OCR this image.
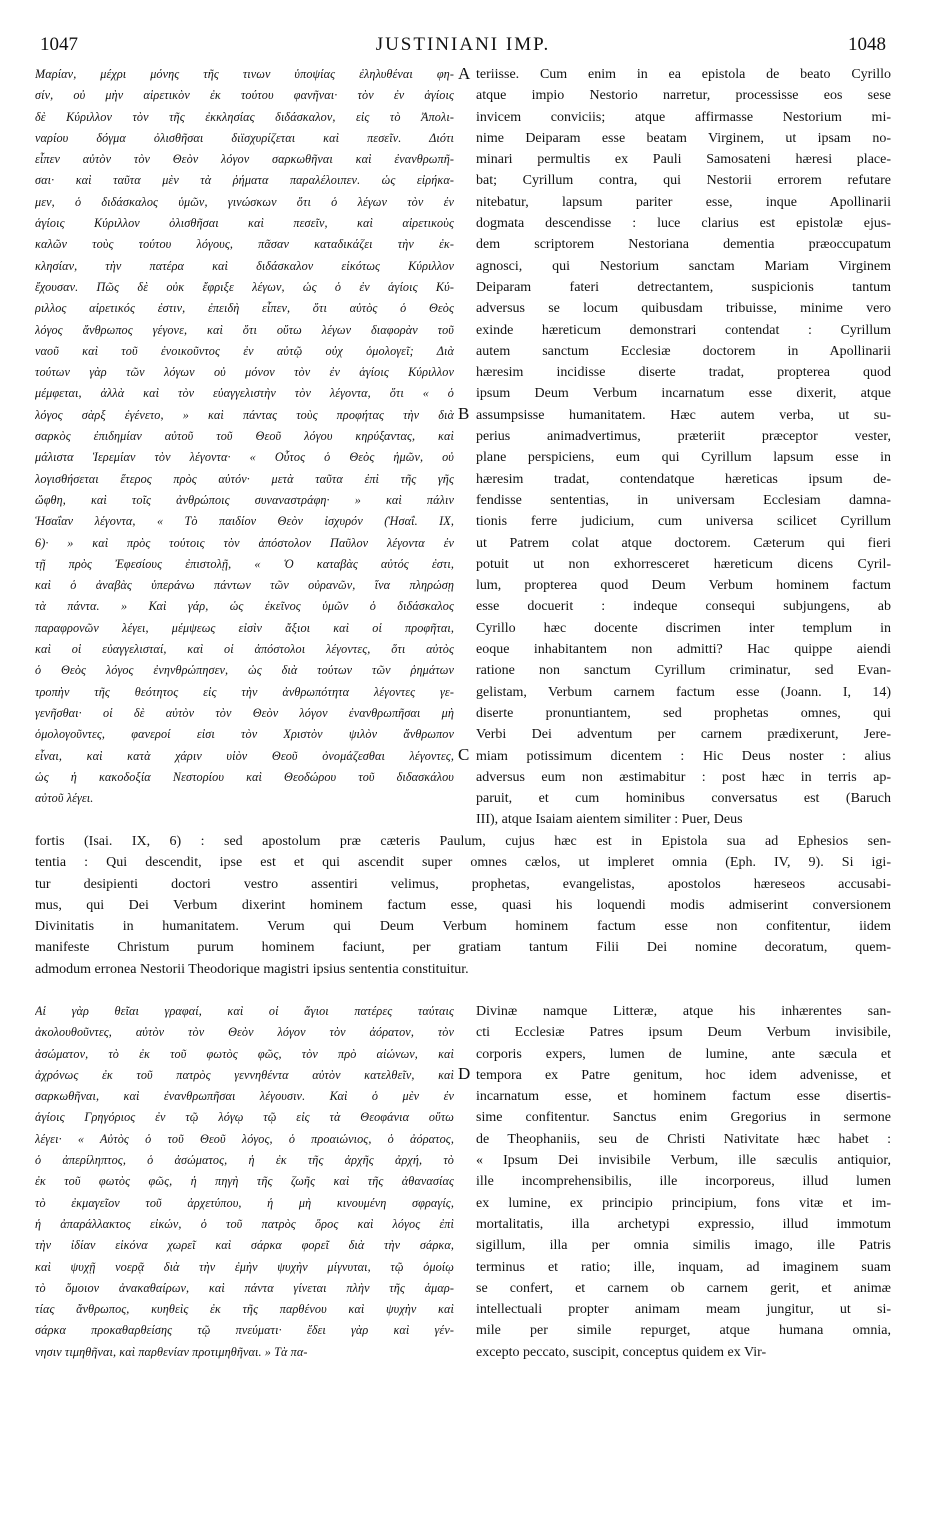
1047	JUSTINIANI IMP.	1048
Μαρίαν, μέχρι μόνης τῆς τινων ὑποψίας ἐληλυθέναι φη-
σίν, οὐ μὴν αἱρετικὸν ἐκ τούτου φανῆναι· τὸν ἐν ἁγίοις
δὲ Κύριλλον τὸν τῆς ἐκκλησίας διδάσκαλον, εἰς τὸ Ἀπολι-
ναρίου δόγμα ὀλισθῆσαι διϊσχυρίζεται καὶ πεσεῖν. Διότι
εἶπεν αὐτὸν τὸν Θεὸν λόγον σαρκωθῆναι καὶ ἐνανθρωπῆ-
σαι· καὶ ταῦτα μὲν τὰ ῥήματα παραλέλοιπεν. ὡς εἰρήκα-
μεν, ὁ διδάσκαλος ὑμῶν, γινώσκων ὅτι ὁ λέγων τὸν ἐν
ἁγίοις Κύριλλον ὀλισθῆσαι καὶ πεσεῖν, καὶ αἱρετικοὺς
καλῶν τοὺς τούτου λόγους, πᾶσαν καταδικάζει τὴν ἐκ-
κλησίαν, τὴν πατέρα καὶ διδάσκαλον εἰκότως Κύριλλον
ἔχουσαν. Πῶς δὲ οὐκ ἔφριξε λέγων, ὡς ὁ ἐν ἁγίοις Κύ-
ριλλος αἱρετικός ἐστιν, ἐπειδὴ εἶπεν, ὅτι αὐτὸς ὁ Θεὸς
λόγος ἄνθρωπος γέγονε, καὶ ὅτι οὕτω λέγων διαφορὰν τοῦ
ναοῦ καὶ τοῦ ἐνοικοῦντος ἐν αὐτῷ οὐχ ὁμολογεῖ; Διὰ
τούτων γὰρ τῶν λόγων οὐ μόνον τὸν ἐν ἁγίοις Κύριλλον
μέμφεται, ἀλλὰ καὶ τὸν εὐαγγελιστὴν τὸν λέγοντα, ὅτι « ὁ
λόγος σὰρξ ἐγένετο, » καὶ πάντας τοὺς προφήτας τὴν διὰ
σαρκὸς ἐπιδημίαν αὐτοῦ τοῦ Θεοῦ λόγου κηρύξαντας, καὶ
μάλιστα Ἱερεμίαν τὸν λέγοντα· « Οὗτος ὁ Θεὸς ἡμῶν, οὐ
λογισθήσεται ἕτερος πρὸς αὐτόν· μετὰ ταῦτα ἐπὶ τῆς γῆς
ὤφθη, καὶ τοῖς ἀνθρώποις συναναστράφη· » καὶ πάλιν
Ἡσαΐαν λέγοντα, « Τὸ παιδίον Θεὸν ἰσχυρόν (Ἡσαΐ. ΙΧ,
6)· » καὶ πρὸς τούτοις τὸν ἀπόστολον Παῦλον λέγοντα ἐν
τῇ πρὸς Ἐφεσίους ἐπιστολῇ, « Ὁ καταβὰς αὐτός ἐστι,
καὶ ὁ ἀναβὰς ὑπεράνω πάντων τῶν οὐρανῶν, ἵνα πληρώσῃ
τὰ πάντα. » Καὶ γάρ, ὡς ἐκεῖνος ὑμῶν ὁ διδάσκαλος
παραφρονῶν λέγει, μέμψεως εἰσὶν ἄξιοι καὶ οἱ προφῆται,
καὶ οἱ εὐαγγελισταί, καὶ οἱ ἀπόστολοι λέγοντες, ὅτι αὐτὸς
ὁ Θεὸς λόγος ἐνηνθρώπησεν, ὡς διὰ τούτων τῶν ῥημάτων
τροπὴν τῆς θεότητος εἰς τὴν ἀνθρωπότητα λέγοντες γε-
γενῆσθαι· οἱ δὲ αὐτὸν τὸν Θεὸν λόγον ἐνανθρωπῆσαι μὴ
ὁμολογοῦντες, φανεροί εἰσι τὸν Χριστὸν ψιλὸν ἄνθρωπον
εἶναι, καὶ κατὰ χάριν υἱὸν Θεοῦ ὀνομάζεσθαι λέγοντες,
ὡς ἡ κακοδοξία Νεστορίου καὶ Θεοδώρου τοῦ διδασκάλου
αὐτοῦ λέγει.
teriisse. Cum enim in ea epistola de beato Cyrillo
atque impio Nestorio narretur, processisse eos sese
invicem conviciis; atque affirmasse Nestorium mi-
nime Deiparam esse beatam Virginem, ut ipsam no-
minari permultis ex Pauli Samosateni hæresi place-
bat; Cyrillum contra, qui Nestorii errorem refutare
nitebatur, lapsum pariter esse, inque Apollinarii
dogmata descendisse : luce clarius est epistolæ ejus-
dem scriptorem Nestoriana dementia præoccupatum
agnosci, qui Nestorium sanctam Mariam Virginem
Deiparam fateri detrectantem, suspicionis tantum
adversus se locum quibusdam tribuisse, minime vero
exinde hæreticum demonstrari contendat : Cyrillum
autem sanctum Ecclesiæ doctorem in Apollinarii
hæresim incidisse diserte tradat, propterea quod
ipsum Deum Verbum incarnatum esse dixerit, atque
assumpsisse humanitatem. Hæc autem verba, ut su-
perius animadvertimus, præteriit præceptor vester,
plane perspiciens, eum qui Cyrillum lapsum esse in
hæresim tradat, contendatque hæreticas ipsum de-
fendisse sententias, in universam Ecclesiam damna-
tionis ferre judicium, cum universa scilicet Cyrillum
ut Patrem colat atque doctorem. Cæterum qui fieri
potuit ut non exhorresceret hæreticum dicens Cyril-
lum, propterea quod Deum Verbum hominem factum
esse docuerit : indeque consequi subjungens, ab
Cyrillo hæc docente discrimen inter templum in
eoque inhabitantem non admitti? Hac quippe aiendi
ratione non sanctum Cyrillum criminatur, sed Evan-
gelistam, Verbum carnem factum esse (Joann. I, 14)
diserte pronuntiantem, sed prophetas omnes, qui
Verbi Dei adventum per carnem prædixerunt, Jere-
miam potissimum dicentem : Hic Deus noster : alius
adversus eum non æstimabitur : post hæc in terris ap-
paruit, et cum hominibus conversatus est (Baruch
III), atque Isaiam aientem similiter : Puer, Deus
fortis (Isai. IX, 6) : sed apostolum præ cæteris Paulum, cujus hæc est in Epistola sua ad Ephesios sen-
tentia : Qui descendit, ipse est et qui ascendit super omnes cælos, ut impleret omnia (Eph. IV, 9). Si igi-
tur desipienti doctori vestro assentiri velimus, prophetas, evangelistas, apostolos hæreseos accusabi-
mus, qui Dei Verbum dixerint hominem factum esse, quasi his loquendi modis admiserint conversionem
Divinitatis in humanitatem. Verum qui Deum Verbum hominem factum esse non confitentur, iidem
manifeste Christum purum hominem faciunt, per gratiam tantum Filii Dei nomine decoratum, quem-
admodum erronea Nestorii Theodorique magistri ipsius sententia constituitur.
Αἱ γὰρ θεῖαι γραφαί, καὶ οἱ ἅγιοι πατέρες ταύταις
ἀκολουθοῦντες, αὐτὸν τὸν Θεὸν λόγον τὸν ἀόρατον, τὸν
ἀσώματον, τὸ ἐκ τοῦ φωτὸς φῶς, τὸν πρὸ αἰώνων, καὶ
ἀχρόνως ἐκ τοῦ πατρὸς γεννηθέντα αὐτὸν κατελθεῖν, καὶ
σαρκωθῆναι, καὶ ἐνανθρωπῆσαι λέγουσιν. Καὶ ὁ μὲν ἐν
ἁγίοις Γρηγόριος ἐν τῷ λόγῳ τῷ εἰς τὰ Θεοφάνια οὕτω
λέγει· « Αὐτὸς ὁ τοῦ Θεοῦ λόγος, ὁ προαιώνιος, ὁ ἀόρατος,
ὁ ἀπερίληπτος, ὁ ἀσώματος, ἡ ἐκ τῆς ἀρχῆς ἀρχή, τὸ
ἐκ τοῦ φωτὸς φῶς, ἡ πηγὴ τῆς ζωῆς καὶ τῆς ἀθανασίας
τὸ ἐκμαγεῖον τοῦ ἀρχετύπου, ἡ μὴ κινουμένη σφραγίς,
ἡ ἀπαράλλακτος εἰκών, ὁ τοῦ πατρὸς ὅρος καὶ λόγος ἐπὶ
τὴν ἰδίαν εἰκόνα χωρεῖ καὶ σάρκα φορεῖ διὰ τὴν σάρκα,
καὶ ψυχῇ νοερᾷ διὰ τὴν ἐμὴν ψυχὴν μίγνυται, τῷ ὁμοίῳ
τὸ ὅμοιον ἀνακαθαίρων, καὶ πάντα γίνεται πλὴν τῆς ἁμαρ-
τίας ἄνθρωπος, κυηθεὶς ἐκ τῆς παρθένου καὶ ψυχὴν καὶ
σάρκα προκαθαρθείσης τῷ πνεύματι· ἔδει γὰρ καὶ γέν-
νησιν τιμηθῆναι, καὶ παρθενίαν προτιμηθῆναι. » Τὰ πα-
Divinæ namque Litteræ, atque his inhærentes san-
cti Ecclesiæ Patres ipsum Deum Verbum invisibile,
corporis expers, lumen de lumine, ante sæcula et
tempora ex Patre genitum, hoc idem advenisse, et
incarnatum esse, et hominem factum esse disertis-
sime confitentur. Sanctus enim Gregorius in sermone
de Theophaniis, seu de Christi Nativitate hæc habet :
« Ipsum Dei invisibile Verbum, ille sæculis antiquior,
ille incomprehensibilis, ille incorporeus, illud lumen
ex lumine, ex principio principium, fons vitæ et im-
mortalitatis, illa archetypi expressio, illud immotum
sigillum, illa per omnia similis imago, ille Patris
terminus et ratio; ille, inquam, ad imaginem suam
se confert, et carnem ob carnem gerit, et animæ
intellectuali propter animam meam jungitur, ut si-
mile per simile repurget, atque humana omnia,
excepto peccato, suscipit, conceptus quidem ex Vir-
A
B
C
D
